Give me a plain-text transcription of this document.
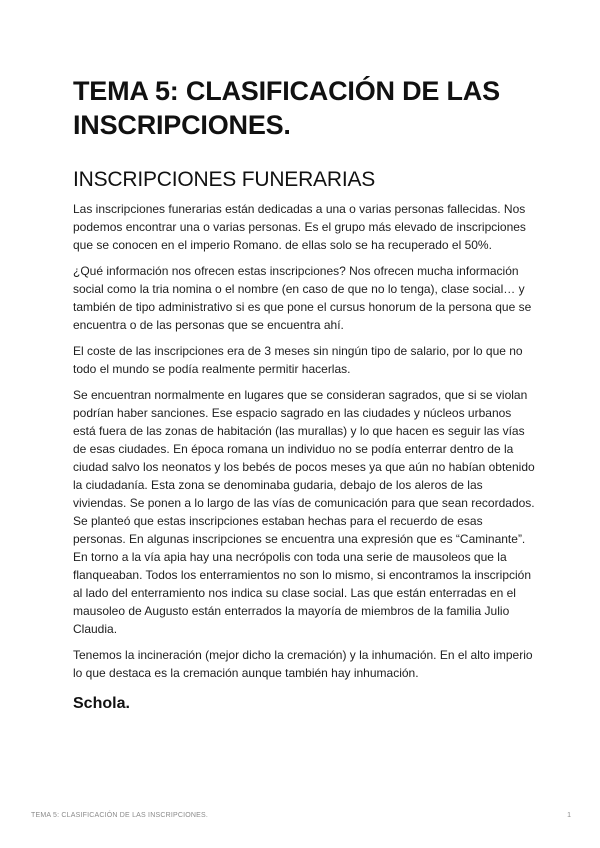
TEMA 5: CLASIFICACIÓN DE LAS INSCRIPCIONES.
INSCRIPCIONES FUNERARIAS

Las inscripciones funerarias están dedicadas a una o varias personas fallecidas. Nos podemos encontrar una o varias personas. Es el grupo más elevado de inscripciones que se conocen en el imperio Romano. de ellas solo se ha recuperado el 50%.

¿Qué información nos ofrecen estas inscripciones? Nos ofrecen mucha información social como la tria nomina o el nombre (en caso de que no lo tenga), clase social… y también de tipo administrativo si es que pone el cursus honorum de la persona que se encuentra o de las personas que se encuentra ahí.

El coste de las inscripciones era de 3 meses sin ningún tipo de salario, por lo que no todo el mundo se podía realmente permitir hacerlas.

Se encuentran normalmente en lugares que se consideran sagrados, que si se violan podrían haber sanciones. Ese espacio sagrado en las ciudades y núcleos urbanos está fuera de las zonas de habitación (las murallas) y lo que hacen es seguir las vías de esas ciudades. En época romana un individuo no se podía enterrar dentro de la ciudad salvo los neonatos y los bebés de pocos meses ya que aún no habían obtenido la ciudadanía. Esta zona se denominaba gudaria, debajo de los aleros de las viviendas. Se ponen a lo largo de las vías de comunicación para que sean recordados. Se planteó que estas inscripciones estaban hechas para el recuerdo de esas personas. En algunas inscripciones se encuentra una expresión que es “Caminante”. En torno a la vía apia hay una necrópolis con toda una serie de mausoleos que la flanqueaban. Todos los enterramientos no son lo mismo, si encontramos la inscripción al lado del enterramiento nos indica su clase social. Las que están enterradas en el mausoleo de Augusto están enterrados la mayoría de miembros de la familia Julio Claudia.

Tenemos la incineración (mejor dicho la cremación) y la inhumación. En el alto imperio lo que destaca es la cremación aunque también hay inhumación.

Schola.
TEMA 5: CLASIFICACIÓN DE LAS INSCRIPCIONES.	1
